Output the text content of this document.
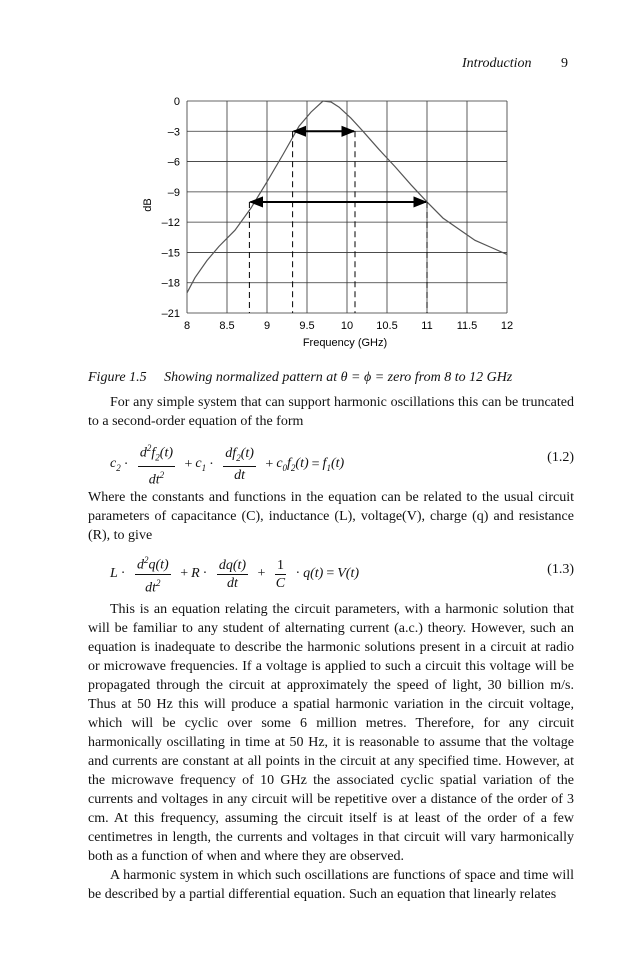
Introduction 9
8	8.5	9	9.5 10 10.5 11 11.5 12
0
–3
–6
–9
–12
–15
–18
–21
Frequency (GHz)
dB
Figure 1.5 Showing normalized pattern at θ = ϕ = zero from 8 to 12 GHz

For any simple system that can support harmonic oscillations this can be truncated to a second-order equation of the form

$c_2 \cdot \frac{d^2f_2(t)}{dt^2} + c_1 \cdot \frac{df_2(t)}{dt} + c_0f_2(t) = f_1(t)$	(1.2)

Where the constants and functions in the equation can be related to the usual circuit parameters of capacitance (C), inductance (L), voltage(V), charge (q) and resistance (R), to give

$L \cdot \frac{d^2q(t)}{dt^2} + R \cdot \frac{dq(t)}{dt} + \frac{1}{C} \cdot q(t) = V(t)$	(1.3)

This is an equation relating the circuit parameters, with a harmonic solution that will be familiar to any student of alternating current (a.c.) theory. However, such an equation is inadequate to describe the harmonic solutions present in a circuit at radio or microwave frequencies. If a voltage is applied to such a circuit this voltage will be propagated through the circuit at approximately the speed of light, 30 billion m/s. Thus at 50 Hz this will produce a spatial harmonic variation in the circuit voltage, which will be cyclic over some 6 million metres. Therefore, for any circuit harmonically oscillating in time at 50 Hz, it is reasonable to assume that the voltage and currents are constant at all points in the circuit at any specified time. However, at the microwave frequency of 10 GHz the associated cyclic spatial variation of the currents and voltages in any circuit will be repetitive over a distance of the order of 3 cm. At this frequency, assuming the circuit itself is at least of the order of a few centimetres in length, the currents and voltages in that circuit will vary harmonically both as a function of when and where they are observed.

A harmonic system in which such oscillations are functions of space and time will be described by a partial differential equation. Such an equation that linearly relates
